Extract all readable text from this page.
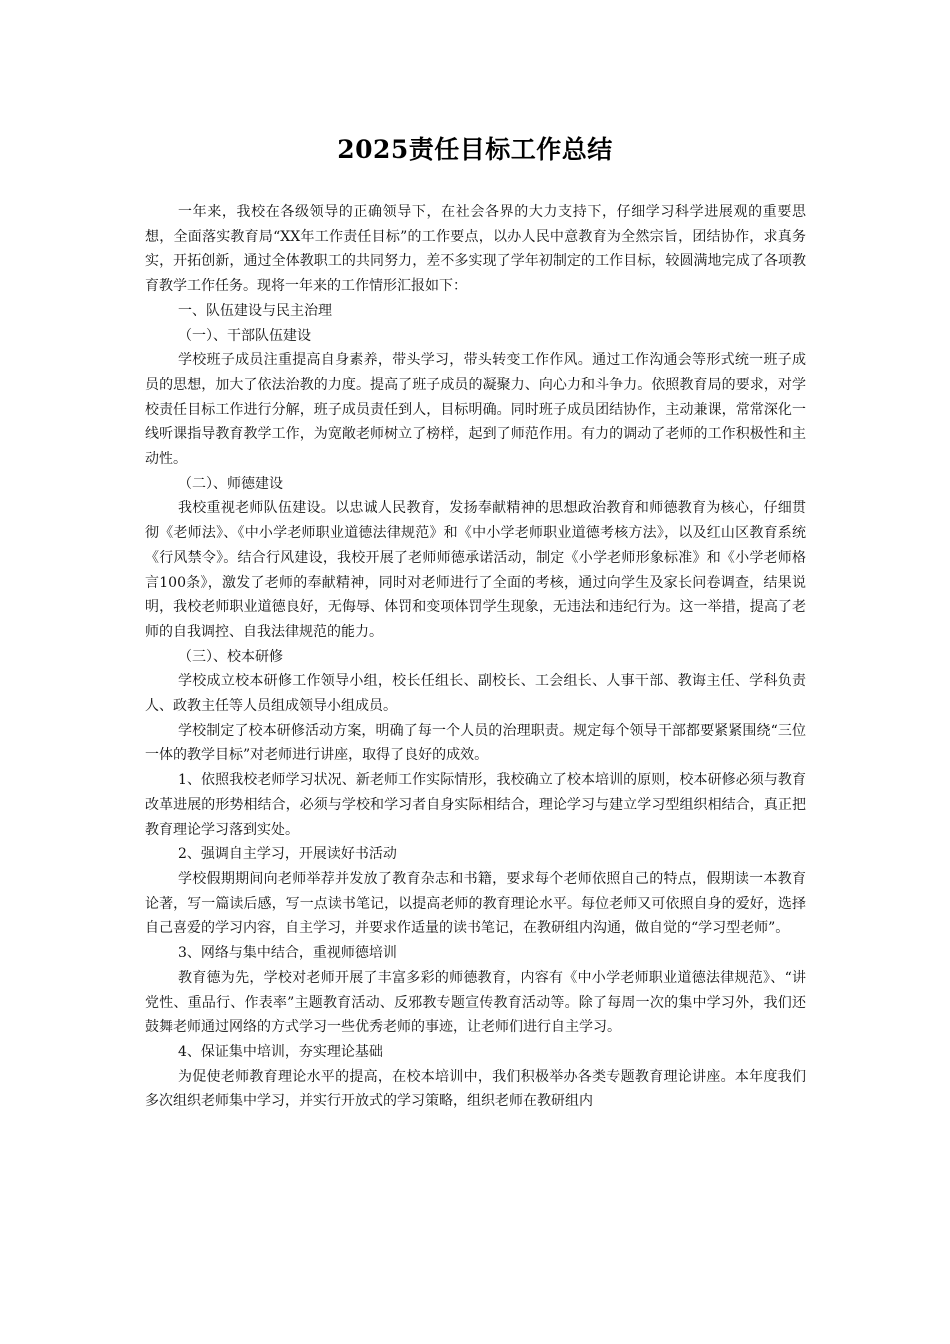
2025责任目标工作总结

一年来，我校在各级领导的正确领导下，在社会各界的大力支持下，仔细学习科学进展观的重要思想，全面落实教育局“XX年工作责任目标”的工作要点，以办人民中意教育为全然宗旨，团结协作，求真务实，开拓创新，通过全体教职工的共同努力，差不多实现了学年初制定的工作目标，较圆满地完成了各项教育教学工作任务。现将一年来的工作情形汇报如下：

一、队伍建设与民主治理

（一）、干部队伍建设

学校班子成员注重提高自身素养，带头学习，带头转变工作作风。通过工作沟通会等形式统一班子成员的思想，加大了依法治教的力度。提高了班子成员的凝聚力、向心力和斗争力。依照教育局的要求，对学校责任目标工作进行分解，班子成员责任到人，目标明确。同时班子成员团结协作，主动兼课，常常深化一线听课指导教育教学工作，为宽敞老师树立了榜样，起到了师范作用。有力的调动了老师的工作积极性和主动性。

（二）、师德建设

我校重视老师队伍建设。以忠诚人民教育，发扬奉献精神的思想政治教育和师德教育为核心，仔细贯彻《老师法》、《中小学老师职业道德法律规范》和《中小学老师职业道德考核方法》，以及红山区教育系统《行风禁令》。结合行风建设，我校开展了老师师德承诺活动，制定《小学老师形象标准》和《小学老师格言100条》，激发了老师的奉献精神，同时对老师进行了全面的考核，通过向学生及家长问卷调查，结果说明，我校老师职业道德良好，无侮辱、体罚和变项体罚学生现象，无违法和违纪行为。这一举措，提高了老师的自我调控、自我法律规范的能力。

（三）、校本研修

学校成立校本研修工作领导小组，校长任组长、副校长、工会组长、人事干部、教诲主任、学科负责人、政教主任等人员组成领导小组成员。

学校制定了校本研修活动方案，明确了每一个人员的治理职责。规定每个领导干部都要紧紧围绕“三位一体的教学目标”对老师进行讲座，取得了良好的成效。

1、依照我校老师学习状况、新老师工作实际情形，我校确立了校本培训的原则，校本研修必须与教育改革进展的形势相结合，必须与学校和学习者自身实际相结合，理论学习与建立学习型组织相结合，真正把教育理论学习落到实处。

2、强调自主学习，开展读好书活动

学校假期期间向老师举荐并发放了教育杂志和书籍，要求每个老师依照自己的特点，假期读一本教育论著，写一篇读后感，写一点读书笔记，以提高老师的教育理论水平。每位老师又可依照自身的爱好，选择自己喜爱的学习内容，自主学习，并要求作适量的读书笔记，在教研组内沟通，做自觉的“学习型老师”。

3、网络与集中结合，重视师德培训

教育德为先，学校对老师开展了丰富多彩的师德教育，内容有《中小学老师职业道德法律规范》、“讲党性、重品行、作表率”主题教育活动、反邪教专题宣传教育活动等。除了每周一次的集中学习外，我们还鼓舞老师通过网络的方式学习一些优秀老师的事迹，让老师们进行自主学习。

4、保证集中培训，夯实理论基础

为促使老师教育理论水平的提高，在校本培训中，我们积极举办各类专题教育理论讲座。本年度我们多次组织老师集中学习，并实行开放式的学习策略，组织老师在教研组内
